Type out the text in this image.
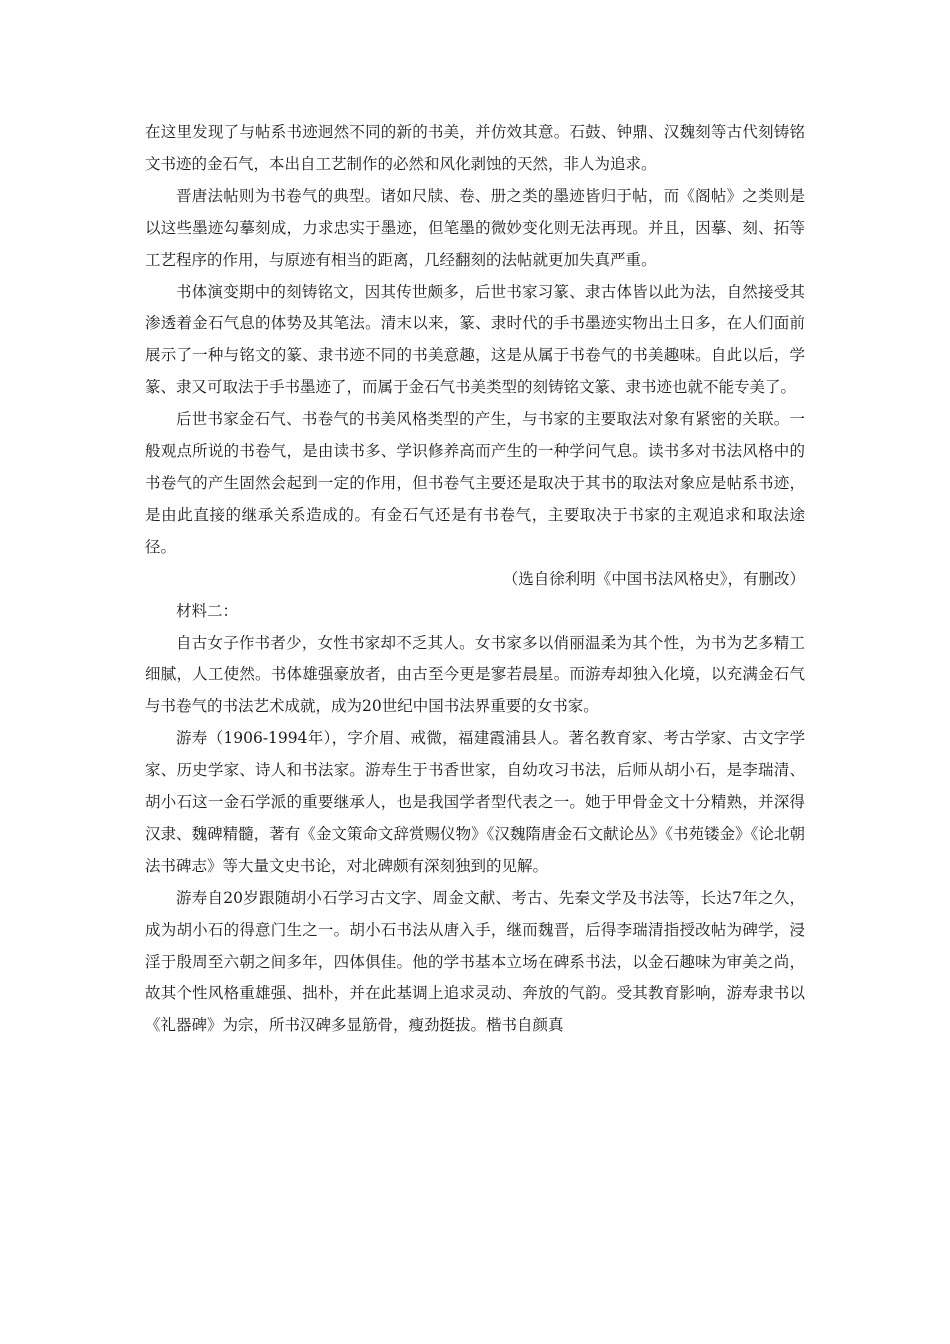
在这里发现了与帖系书迹迥然不同的新的书美，并仿效其意。石鼓、钟鼎、汉魏刻等古代刻铸铭文书迹的金石气，本出自工艺制作的必然和风化剥蚀的天然，非人为追求。

晋唐法帖则为书卷气的典型。诸如尺牍、卷、册之类的墨迹皆归于帖，而《阁帖》之类则是以这些墨迹勾摹刻成，力求忠实于墨迹，但笔墨的微妙变化则无法再现。并且，因摹、刻、拓等工艺程序的作用，与原迹有相当的距离，几经翻刻的法帖就更加失真严重。

书体演变期中的刻铸铭文，因其传世颇多，后世书家习篆、隶古体皆以此为法，自然接受其渗透着金石气息的体势及其笔法。清末以来，篆、隶时代的手书墨迹实物出土日多，在人们面前展示了一种与铭文的篆、隶书迹不同的书美意趣，这是从属于书卷气的书美趣味。自此以后，学篆、隶又可取法于手书墨迹了，而属于金石气书美类型的刻铸铭文篆、隶书迹也就不能专美了。

后世书家金石气、书卷气的书美风格类型的产生，与书家的主要取法对象有紧密的关联。一般观点所说的书卷气，是由读书多、学识修养高而产生的一种学问气息。读书多对书法风格中的书卷气的产生固然会起到一定的作用，但书卷气主要还是取决于其书的取法对象应是帖系书迹，是由此直接的继承关系造成的。有金石气还是有书卷气，主要取决于书家的主观追求和取法途径。

（选自徐利明《中国书法风格史》，有删改）

材料二：

自古女子作书者少，女性书家却不乏其人。女书家多以俏丽温柔为其个性，为书为艺多精工细腻，人工使然。书体雄强豪放者，由古至今更是寥若晨星。而游寿却独入化境，以充满金石气与书卷气的书法艺术成就，成为20世纪中国书法界重要的女书家。

游寿（1906-1994年），字介眉、戒微，福建霞浦县人。著名教育家、考古学家、古文字学家、历史学家、诗人和书法家。游寿生于书香世家，自幼攻习书法，后师从胡小石，是李瑞清、胡小石这一金石学派的重要继承人，也是我国学者型代表之一。她于甲骨金文十分精熟，并深得汉隶、魏碑精髓，著有《金文策命文辞赏赐仪物》《汉魏隋唐金石文献论丛》《书苑镂金》《论北朝法书碑志》等大量文史书论，对北碑颇有深刻独到的见解。

游寿自20岁跟随胡小石学习古文字、周金文献、考古、先秦文学及书法等，长达7年之久，成为胡小石的得意门生之一。胡小石书法从唐入手，继而魏晋，后得李瑞清指授改帖为碑学，浸淫于殷周至六朝之间多年，四体俱佳。他的学书基本立场在碑系书法，以金石趣味为审美之尚，故其个性风格重雄强、拙朴，并在此基调上追求灵动、奔放的气韵。受其教育影响，游寿隶书以《礼器碑》为宗，所书汉碑多显筋骨，瘦劲挺拔。楷书自颜真
